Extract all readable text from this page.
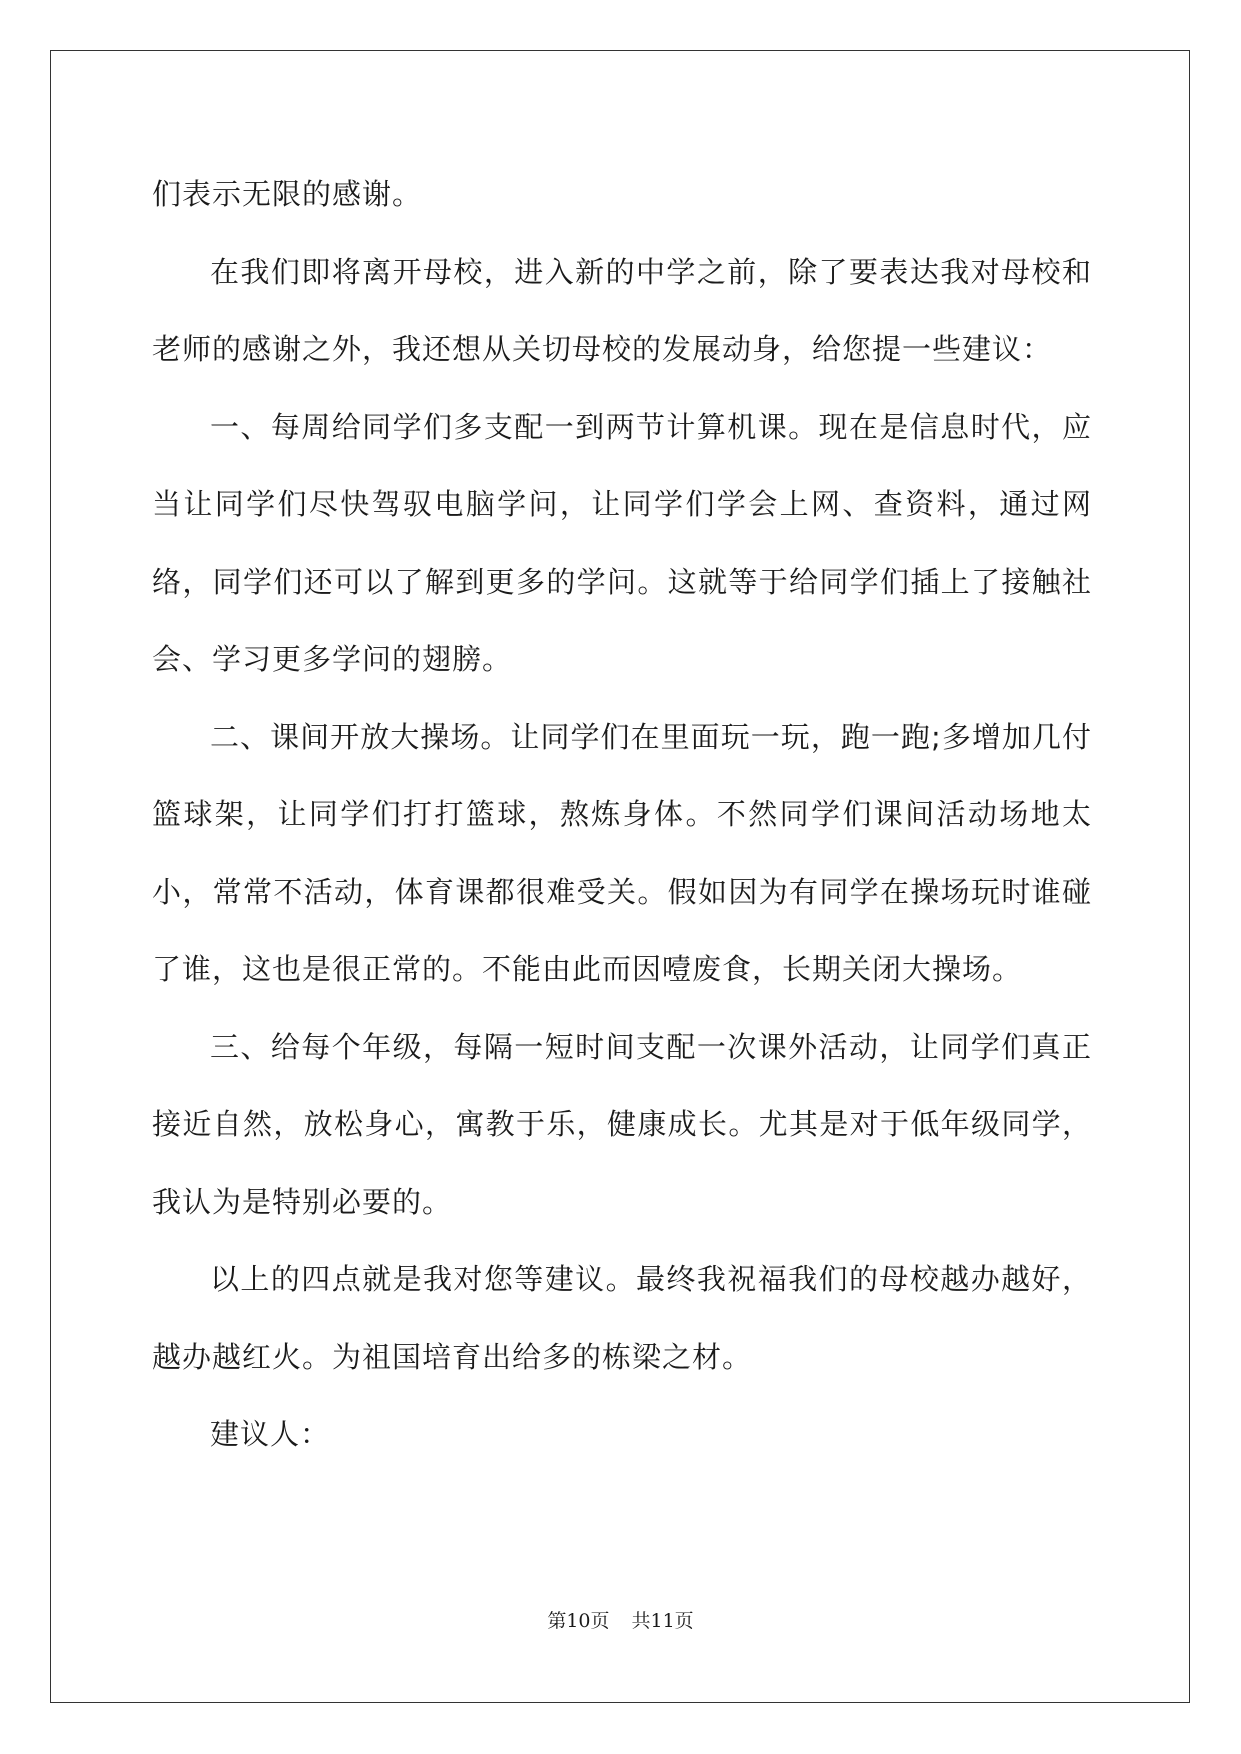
们表示无限的感谢。

在我们即将离开母校，进入新的中学之前，除了要表达我对母校和老师的感谢之外，我还想从关切母校的发展动身，给您提一些建议：

一、每周给同学们多支配一到两节计算机课。现在是信息时代，应当让同学们尽快驾驭电脑学问，让同学们学会上网、查资料，通过网络，同学们还可以了解到更多的学问。这就等于给同学们插上了接触社会、学习更多学问的翅膀。

二、课间开放大操场。让同学们在里面玩一玩，跑一跑;多增加几付篮球架，让同学们打打篮球，熬炼身体。不然同学们课间活动场地太小，常常不活动，体育课都很难受关。假如因为有同学在操场玩时谁碰了谁，这也是很正常的。不能由此而因噎废食，长期关闭大操场。

三、给每个年级，每隔一短时间支配一次课外活动，让同学们真正接近自然，放松身心，寓教于乐，健康成长。尤其是对于低年级同学，我认为是特别必要的。

以上的四点就是我对您等建议。最终我祝福我们的母校越办越好，越办越红火。为祖国培育出给多的栋梁之材。

建议人：

第10页 共11页
